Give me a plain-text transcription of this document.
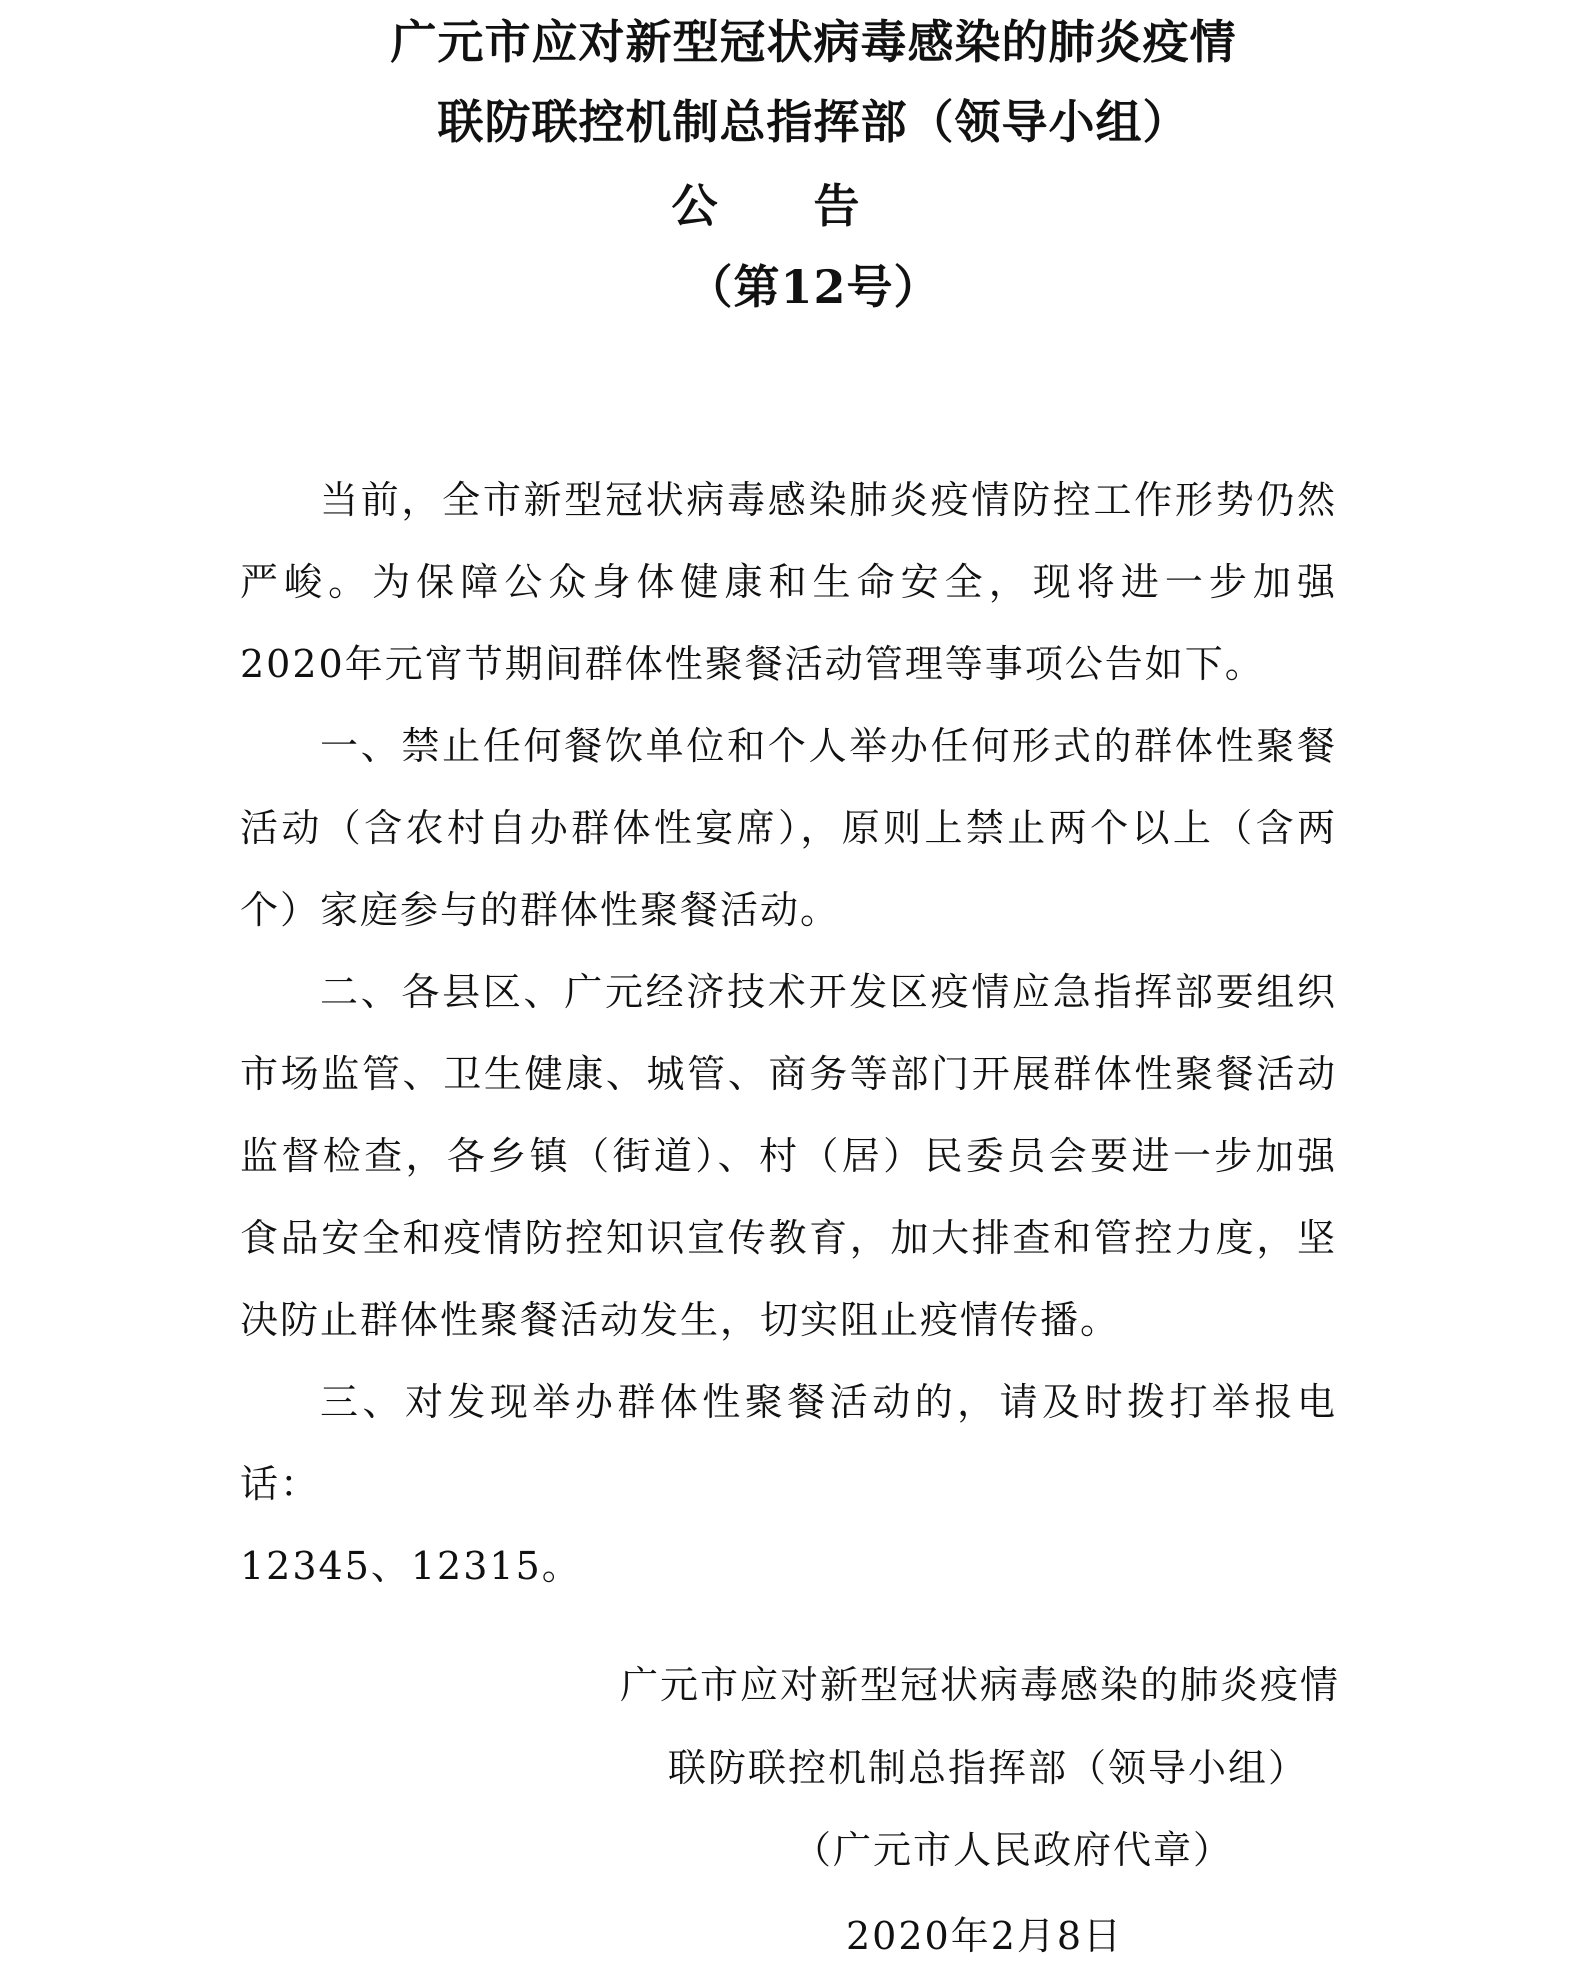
广元市应对新型冠状病毒感染的肺炎疫情
联防联控机制总指挥部（领导小组）
公告
（第12号）

当前，全市新型冠状病毒感染肺炎疫情防控工作形势仍然严峻。为保障公众身体健康和生命安全，现将进一步加强2020年元宵节期间群体性聚餐活动管理等事项公告如下。

一、禁止任何餐饮单位和个人举办任何形式的群体性聚餐活动（含农村自办群体性宴席），原则上禁止两个以上（含两个）家庭参与的群体性聚餐活动。

二、各县区、广元经济技术开发区疫情应急指挥部要组织市场监管、卫生健康、城管、商务等部门开展群体性聚餐活动监督检查，各乡镇（街道）、村（居）民委员会要进一步加强食品安全和疫情防控知识宣传教育，加大排查和管控力度，坚决防止群体性聚餐活动发生，切实阻止疫情传播。

三、对发现举办群体性聚餐活动的，请及时拨打举报电话：

12345、12315。

广元市应对新型冠状病毒感染的肺炎疫情
联防联控机制总指挥部（领导小组）
（广元市人民政府代章）
2020年2月8日
